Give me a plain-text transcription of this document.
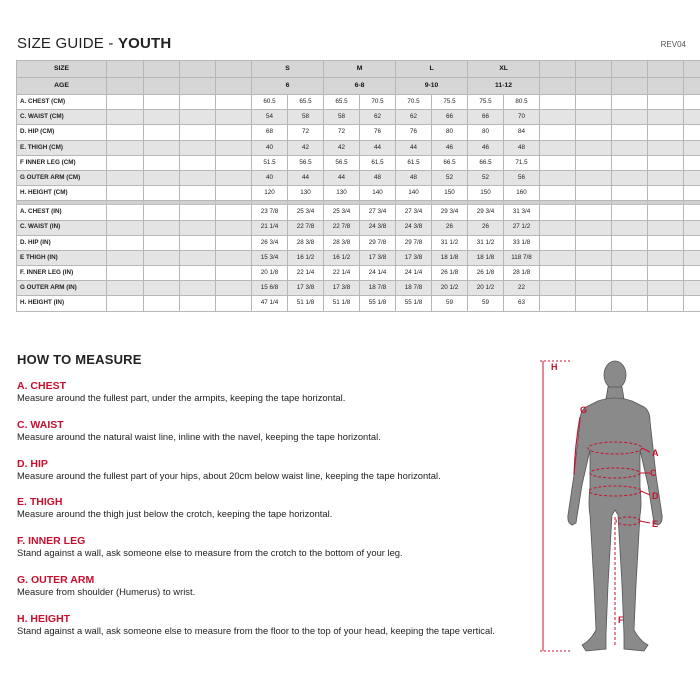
SIZE GUIDE - YOUTH	REV04
SIZE					S		M		L		XL						
AGE					6		6-8		9-10		11-12						
A. CHEST (CM)					60.5	65.5	65.5	70.5	70.5	75.5	75.5	80.5					
C. WAIST (CM)					54	58	58	62	62	66	66	70					
D. HIP (CM)					68	72	72	76	76	80	80	84					
E. THIGH (CM)					40	42	42	44	44	46	46	48					
F INNER LEG (CM)					51.5	56.5	56.5	61.5	61.5	66.5	66.5	71.5					
G OUTER ARM (CM)					40	44	44	48	48	52	52	56					
H. HEIGHT (CM)					120	130	130	140	140	150	150	160					

A. CHEST (IN)					23 7/8	25 3/4	25 3/4	27 3/4	27 3/4	29 3/4	29 3/4	31 3/4					
C. WAIST (IN)					21 1/4	22 7/8	22 7/8	24 3/8	24 3/8	26	26	27 1/2					
D. HIP (IN)					26 3/4	28 3/8	28 3/8	29 7/8	29 7/8	31 1/2	31 1/2	33 1/8					
E THIGH (IN)					15 3/4	16 1/2	16 1/2	17 3/8	17 3/8	18 1/8	18 1/8	118 7/8					
F. INNER LEG (IN)					20 1/8	22 1/4	22 1/4	24 1/4	24 1/4	26 1/8	26 1/8	28 1/8					
G OUTER ARM (IN)					15 6/8	17 3/8	17 3/8	18 7/8	18 7/8	20 1/2	20 1/2	22					
H. HEIGHT (IN)					47 1/4	51 1/8	51 1/8	55 1/8	55 1/8	59	59	63					
HOW TO MEASURE
A. CHEST
Measure around the fullest part, under the armpits, keeping the tape horizontal.
C. WAIST
Measure around the natural waist line, inline with the navel, keeping the tape horizontal.
D. HIP
Measure around the fullest part of your hips, about 20cm below waist line, keeping the tape horizontal.
E. THIGH
Measure around the thigh just below the crotch, keeping the tape horizontal.
F. INNER LEG
Stand against a wall, ask someone else to measure from the crotch to the bottom of your leg.
G. OUTER ARM
Measure from shoulder (Humerus) to wrist.
H. HEIGHT
Stand against a wall, ask someone else to measure from the floor to the top of your head, keeping the tape vertical.
H
G
A
C
D
E
F
